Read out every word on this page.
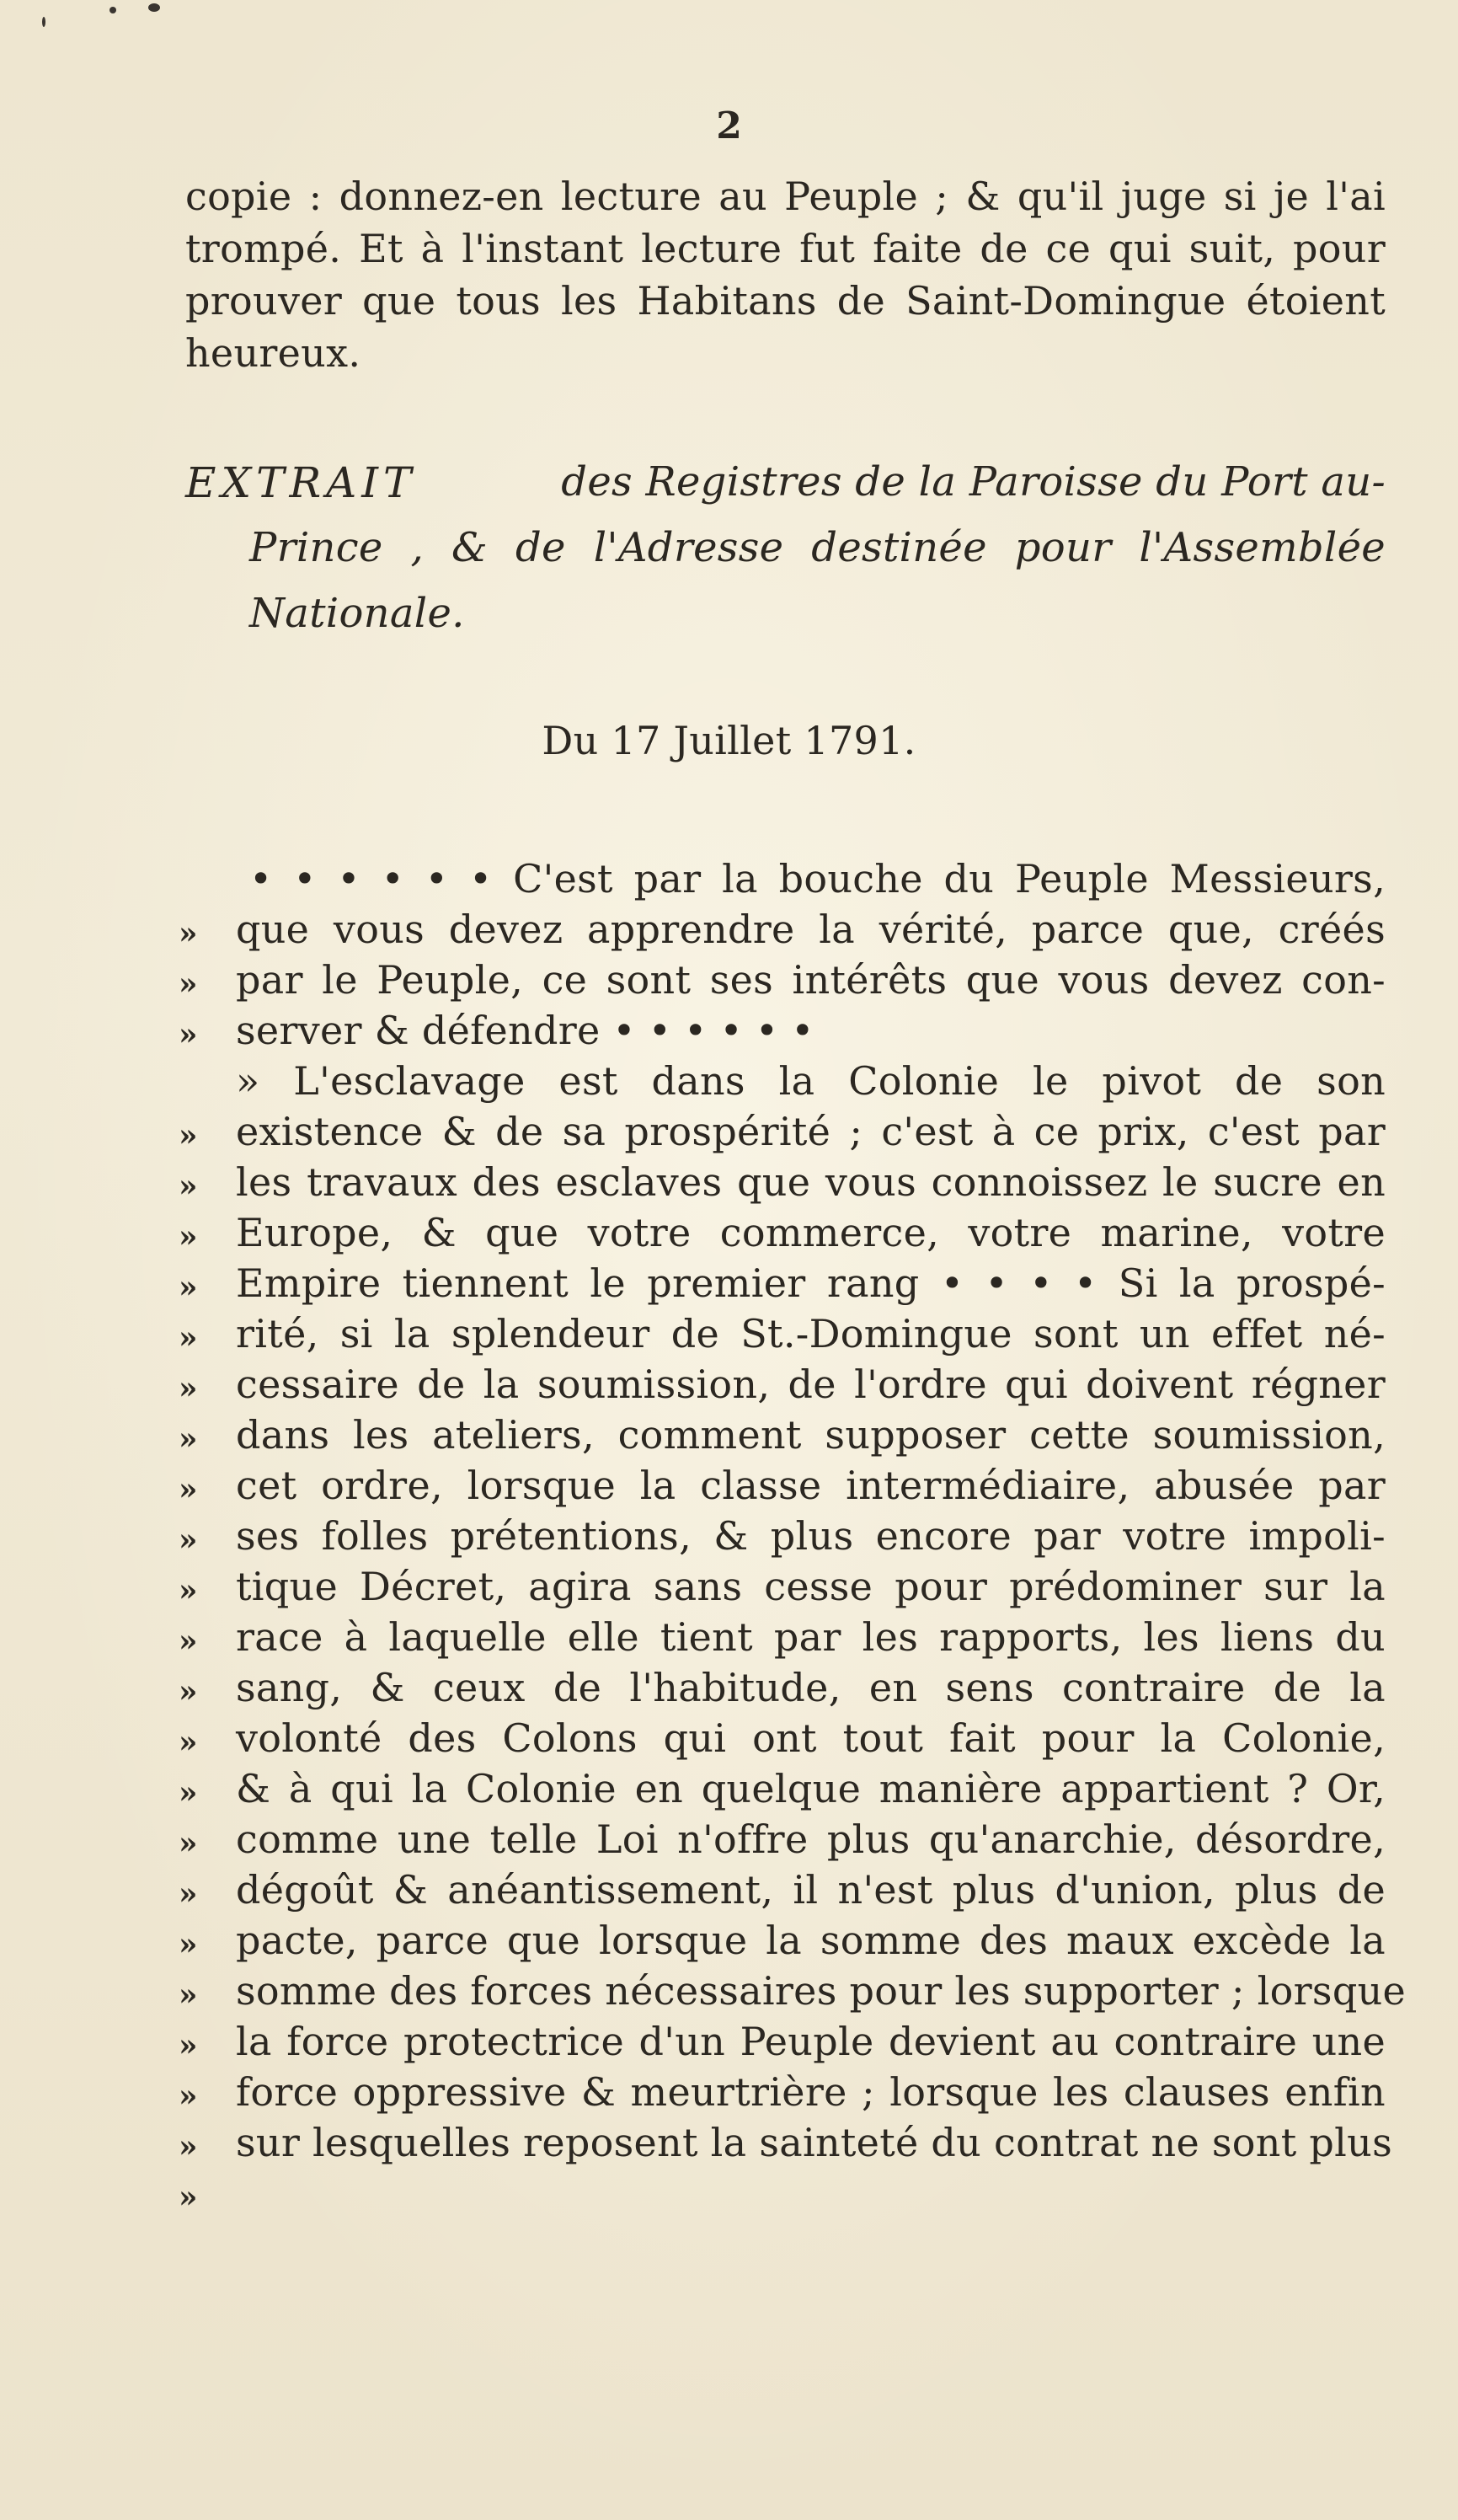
2
copie : donnez-en lecture au Peuple ; & qu'il juge si je l'ai
trompé. Et à l'instant lecture fut faite de ce qui suit, pour
prouver que tous les Habitans de Saint-Domingue étoient
heureux.
EXTRAIT	des Registres de la Paroisse du Port au-
Prince , & de l'Adresse destinée pour l'Assemblée
Nationale.
Du 17 Juillet 1791.
»
»
»
»
»
»
»
»
»
»
»
»
»
»
»
»
»
»
»
»
»
»
»
»
»
• • • • • • C'est par la bouche du Peuple Messieurs,
que vous devez apprendre la vérité, parce que, créés
par le Peuple, ce sont ses intérêts que vous devez con-
server & défendre • • • • • •
» L'esclavage est dans la Colonie le pivot de son
existence & de sa prospérité ; c'est à ce prix, c'est par
les travaux des esclaves que vous connoissez le sucre en
Europe, & que votre commerce, votre marine, votre
Empire tiennent le premier rang • • • • Si la prospé-
rité, si la splendeur de St.-Domingue sont un effet né-
cessaire de la soumission, de l'ordre qui doivent régner
dans les ateliers, comment supposer cette soumission,
cet ordre, lorsque la classe intermédiaire, abusée par
ses folles prétentions, & plus encore par votre impoli-
tique Décret, agira sans cesse pour prédominer sur la
race à laquelle elle tient par les rapports, les liens du
sang, & ceux de l'habitude, en sens contraire de la
volonté des Colons qui ont tout fait pour la Colonie,
& à qui la Colonie en quelque manière appartient ? Or,
comme une telle Loi n'offre plus qu'anarchie, désordre,
dégoût & anéantissement, il n'est plus d'union, plus de
pacte, parce que lorsque la somme des maux excède la
somme des forces nécessaires pour les supporter ; lorsque
la force protectrice d'un Peuple devient au contraire une
force oppressive & meurtrière ; lorsque les clauses enfin
sur lesquelles reposent la sainteté du contrat ne sont plus
